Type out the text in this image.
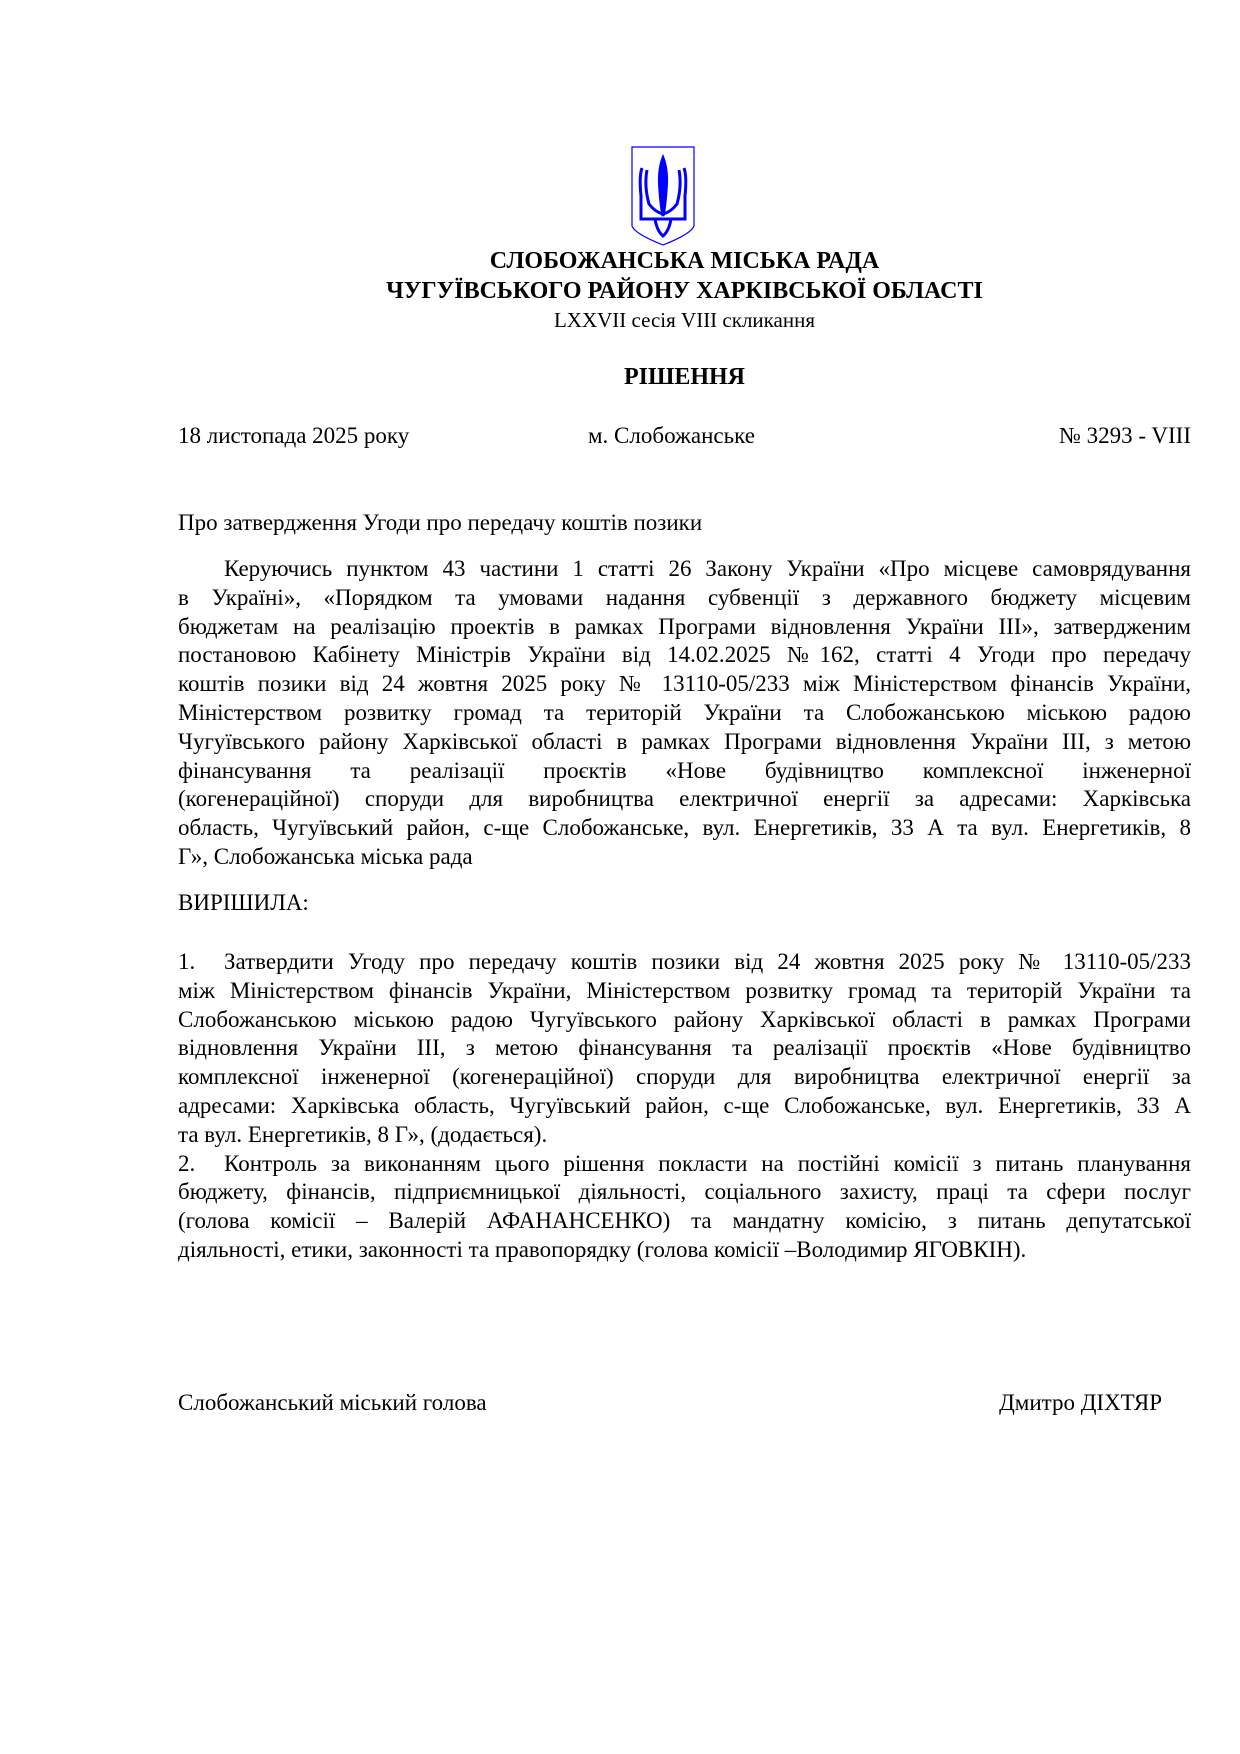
СЛОБОЖАНСЬКА МІСЬКА РАДА
ЧУГУЇВСЬКОГО РАЙОНУ ХАРКІВСЬКОЇ ОБЛАСТІ
LXXVII сесія VIII скликання
РІШЕННЯ
18 листопада 2025 року	м. Слобожанське	№ 3293 - VIII
Про затвердження Угоди про передачу коштів позики
Керуючись пунктом 43 частини 1 статті 26 Закону України «Про місцеве самоврядування
в Україні», «Порядком та умовами надання субвенції з державного бюджету місцевим
бюджетам на реалізацію проектів в рамках Програми відновлення України ІІІ», затвердженим
постановою Кабінету Міністрів України від 14.02.2025 №162, статті 4 Угоди про передачу
коштів позики від 24 жовтня 2025 року № 13110-05/233 між Міністерством фінансів України,
Міністерством розвитку громад та територій України та Слобожанською міською радою
Чугуївського району Харківської області в рамках Програми відновлення України ІІІ, з метою
фінансування та реалізації проєктів «Нове будівництво комплексної інженерної
(когенераційної) споруди для виробництва електричної енергії за адресами: Харківська
область, Чугуївський район, с-ще Слобожанське, вул. Енергетиків, 33 А та вул. Енергетиків, 8
Г», Слобожанська міська рада
ВИРІШИЛА:
1. Затвердити Угоду про передачу коштів позики від 24 жовтня 2025 року № 13110-05/233
між Міністерством фінансів України, Міністерством розвитку громад та територій України та
Слобожанською міською радою Чугуївського району Харківської області в рамках Програми
відновлення України ІІІ, з метою фінансування та реалізації проєктів «Нове будівництво
комплексної інженерної (когенераційної) споруди для виробництва електричної енергії за
адресами: Харківська область, Чугуївський район, с-ще Слобожанське, вул. Енергетиків, 33 А
та вул. Енергетиків, 8 Г», (додається).
2. Контроль за виконанням цього рішення покласти на постійні комісії з питань планування
бюджету, фінансів, підприємницької діяльності, соціального захисту, праці та сфери послуг
(голова комісії – Валерій АФАНАНСЕНКО) та мандатну комісію, з питань депутатської
діяльності, етики, законності та правопорядку (голова комісії –Володимир ЯГОВКІН).
Слобожанський міський голова	Дмитро ДІХТЯР
